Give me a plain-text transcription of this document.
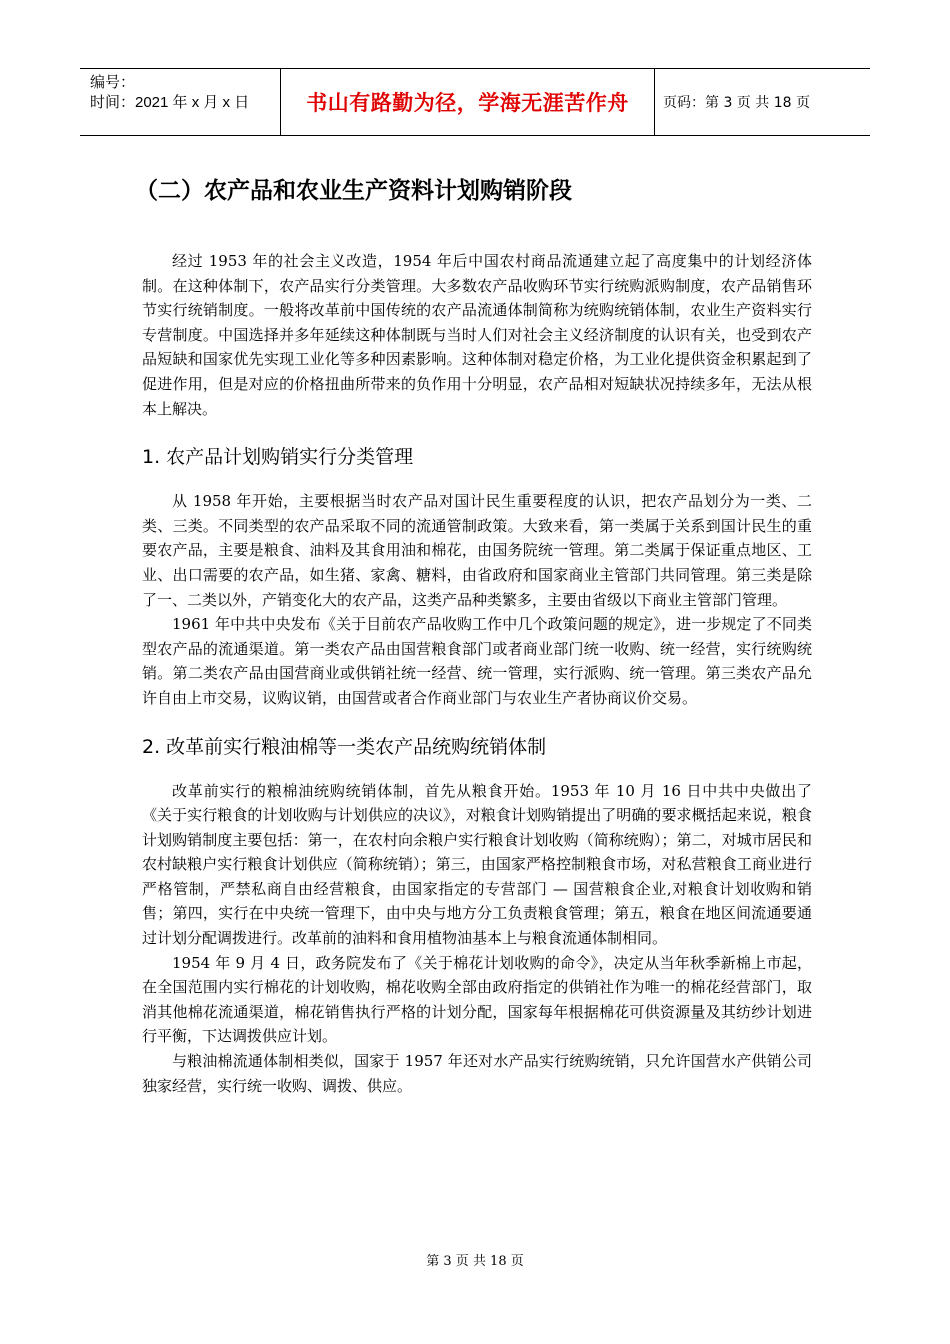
编号：
时间：2021 年 x 月 x 日	书山有路勤为径，学海无涯苦作舟 页码：第 3 页 共 18 页
（二）农产品和农业生产资料计划购销阶段

经过 1953 年的社会主义改造，1954 年后中国农村商品流通建立起了高度集中的计划经济体制。在这种体制下，农产品实行分类管理。大多数农产品收购环节实行统购派购制度，农产品销售环节实行统销制度。一般将改革前中国传统的农产品流通体制简称为统购统销体制，农业生产资料实行专营制度。中国选择并多年延续这种体制既与当时人们对社会主义经济制度的认识有关，也受到农产品短缺和国家优先实现工业化等多种因素影响。这种体制对稳定价格，为工业化提供资金积累起到了促进作用，但是对应的价格扭曲所带来的负作用十分明显，农产品相对短缺状况持续多年，无法从根本上解决。

1. 农产品计划购销实行分类管理

从 1958 年开始，主要根据当时农产品对国计民生重要程度的认识，把农产品划分为一类、二类、三类。不同类型的农产品采取不同的流通管制政策。大致来看，第一类属于关系到国计民生的重要农产品，主要是粮食、油料及其食用油和棉花，由国务院统一管理。第二类属于保证重点地区、工业、出口需要的农产品，如生猪、家禽、糖料，由省政府和国家商业主管部门共同管理。第三类是除了一、二类以外，产销变化大的农产品，这类产品种类繁多，主要由省级以下商业主管部门管理。

1961 年中共中央发布《关于目前农产品收购工作中几个政策问题的规定》，进一步规定了不同类型农产品的流通渠道。第一类农产品由国营粮食部门或者商业部门统一收购、统一经营，实行统购统销。第二类农产品由国营商业或供销社统一经营、统一管理，实行派购、统一管理。第三类农产品允许自由上市交易，议购议销，由国营或者合作商业部门与农业生产者协商议价交易。

2. 改革前实行粮油棉等一类农产品统购统销体制

改革前实行的粮棉油统购统销体制，首先从粮食开始。1953 年 10 月 16 日中共中央做出了《关于实行粮食的计划收购与计划供应的决议》，对粮食计划购销提出了明确的要求概括起来说，粮食计划购销制度主要包括：第一，在农村向余粮户实行粮食计划收购（简称统购）；第二，对城市居民和农村缺粮户实行粮食计划供应（简称统销）；第三，由国家严格控制粮食市场，对私营粮食工商业进行严格管制，严禁私商自由经营粮食，由国家指定的专营部门 — 国营粮食企业,对粮食计划收购和销售；第四，实行在中央统一管理下，由中央与地方分工负责粮食管理；第五，粮食在地区间流通要通过计划分配调拨进行。改革前的油料和食用植物油基本上与粮食流通体制相同。

1954 年 9 月 4 日，政务院发布了《关于棉花计划收购的命令》，决定从当年秋季新棉上市起，在全国范围内实行棉花的计划收购，棉花收购全部由政府指定的供销社作为唯一的棉花经营部门，取消其他棉花流通渠道，棉花销售执行严格的计划分配，国家每年根据棉花可供资源量及其纺纱计划进行平衡，下达调拨供应计划。

与粮油棉流通体制相类似，国家于 1957 年还对水产品实行统购统销，只允许国营水产供销公司独家经营，实行统一收购、调拨、供应。

第 3 页 共 18 页
